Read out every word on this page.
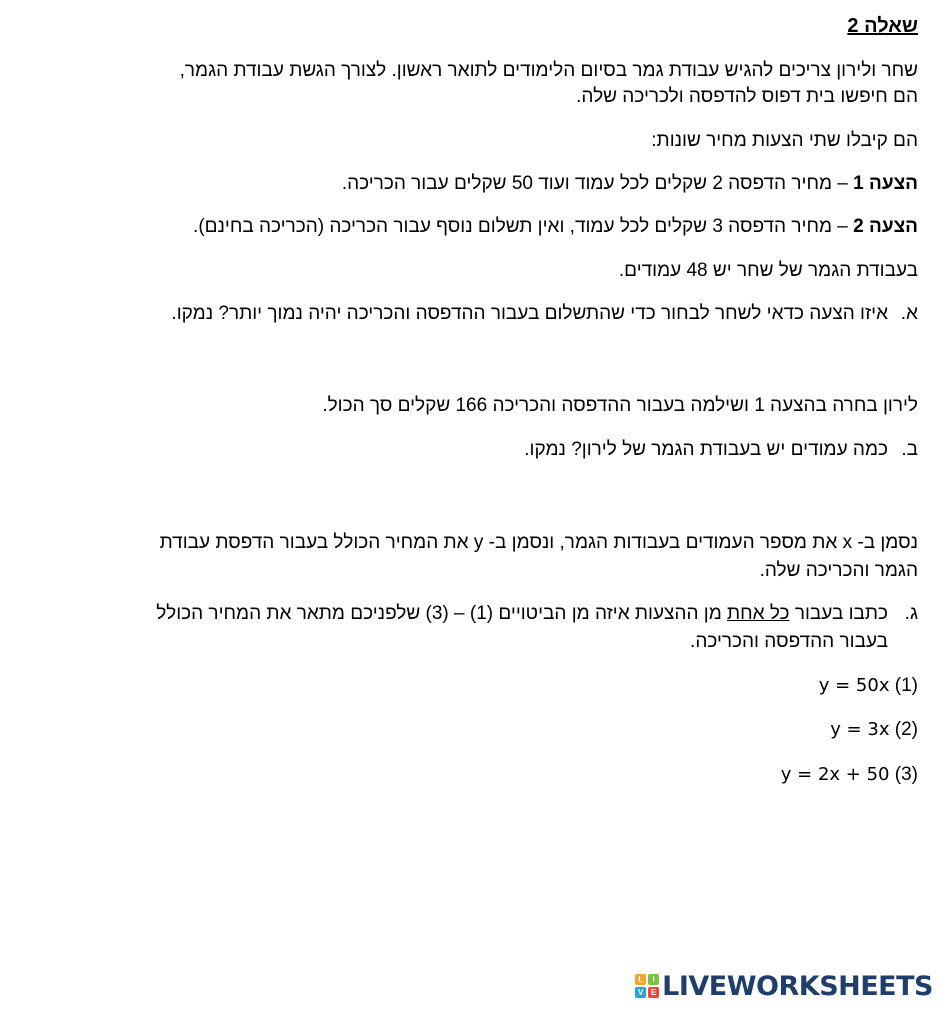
שאלה 2
שחר ולירון צריכים להגיש עבודת גמר בסיום הלימודים לתואר ראשון. לצורך הגשת עבודת הגמר,
הם חיפשו בית דפוס להדפסה ולכריכה שלה.
הם קיבלו שתי הצעות מחיר שונות:
הצעה 1 – מחיר הדפסה 2 שקלים לכל עמוד ועוד 50 שקלים עבור הכריכה.
הצעה 2 – מחיר הדפסה 3 שקלים לכל עמוד, ואין תשלום נוסף עבור הכריכה (הכריכה בחינם).
בעבודת הגמר של שחר יש 48 עמודים.
א.איזו הצעה כדאי לשחר לבחור כדי שהתשלום בעבור ההדפסה והכריכה יהיה נמוך יותר? נמקו.
לירון בחרה בהצעה 1 ושילמה בעבור ההדפסה והכריכה 166 שקלים סך הכול.
ב.כמה עמודים יש בעבודת הגמר של לירון? נמקו.
נסמן ב- x את מספר העמודים בעבודות הגמר, ונסמן ב- y את המחיר הכולל בעבור הדפסת עבודת
הגמר והכריכה שלה.
ג.כתבו בעבור כל אחת מן ההצעות איזה מן הביטויים (1) – (3) שלפניכם מתאר את המחיר הכולל
בעבור ההדפסה והכריכה.
(1) y = 50x
(2) y = 3x
(3) y = 2x + 50
L	I
V E LIVEWORKSHEETS
